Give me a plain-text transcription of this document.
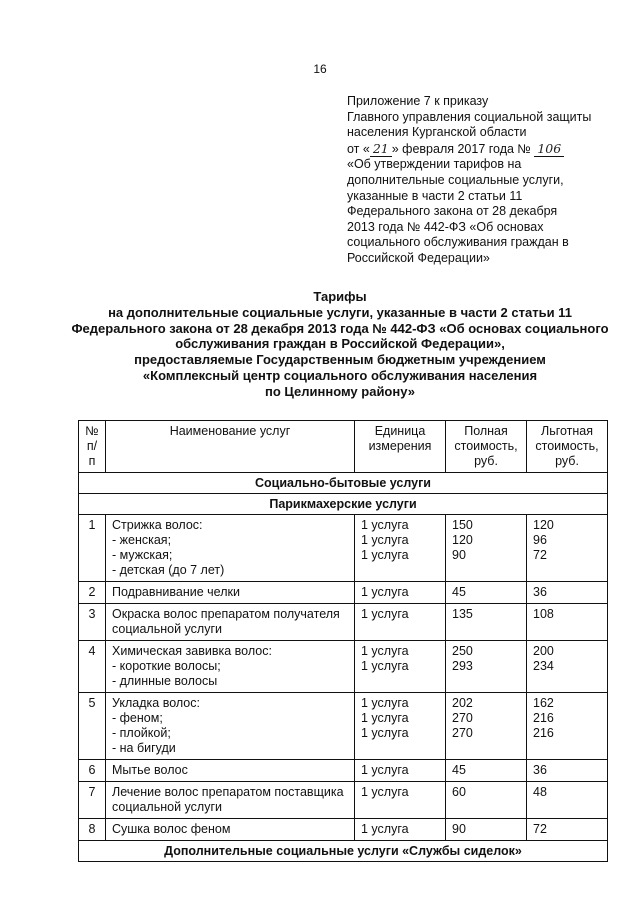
16
Приложение 7 к приказу
Главного управления социальной защиты
населения Курганской области
от « 21 » февраля 2017 года № 106
«Об утверждении тарифов на
дополнительные социальные услуги,
указанные в части 2 статьи 11
Федерального закона от 28 декабря
2013 года № 442-ФЗ «Об основах
социального обслуживания граждан в
Российской Федерации»
Тарифы
на дополнительные социальные услуги, указанные в части 2 статьи 11
Федерального закона от 28 декабря 2013 года № 442-ФЗ «Об основах социального
обслуживания граждан в Российской Федерации»,
предоставляемые Государственным бюджетным учреждением
«Комплексный центр социального обслуживания населения
по Целинному району»
№
п/п	Наименование услуг	Единица
измерения	Полная
стоимость,
руб.	Льготная
стоимость,
руб.

Социально-бытовые услуги				
Парикмахерские услуги				

1	Стрижка волос:
- женская;
- мужская;
- детская (до 7 лет)	1 услуга
1 услуга
1 услуга	150
120
90	120
96
72

2	Подравнивание челки	1 услуга	45	36

3	Окраска волос препаратом получателя
социальной услуги	1 услуга	135	108

4	Химическая завивка волос:
- короткие волосы;
- длинные волосы	1 услуга
1 услуга	250
293	200
234

5	Укладка волос:
- феном;
- плойкой;
- на бигуди	1 услуга
1 услуга
1 услуга	202
270
270	162
216
216

6	Мытье волос	1 услуга	45	36

7	Лечение волос препаратом поставщика
социальной услуги	1 услуга	60	48

8	Сушка волос феном	1 услуга	90	72

Дополнительные социальные услуги «Службы сиделок»				
